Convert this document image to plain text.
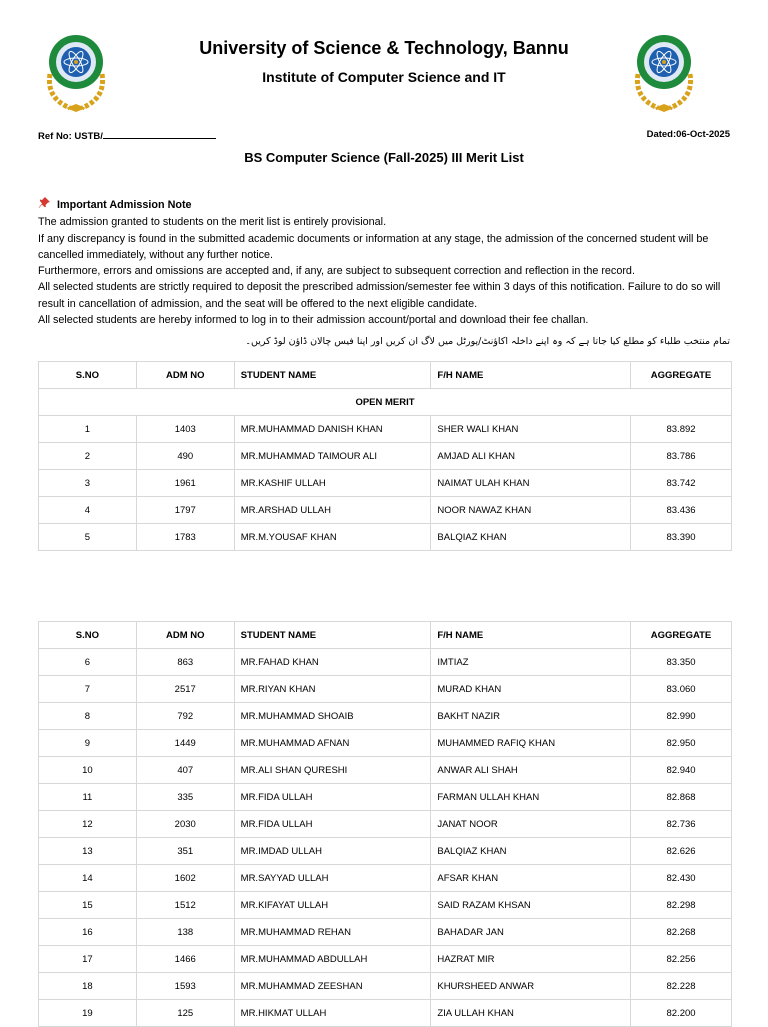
University of Science & Technology, Bannu
Institute of Computer Science and IT
Ref No: USTB/	Dated:06-Oct-2025
BS Computer Science (Fall-2025) III Merit List
Important Admission Note

The admission granted to students on the merit list is entirely provisional.

If any discrepancy is found in the submitted academic documents or information at any stage, the admission of the concerned student will be cancelled immediately, without any further notice.

Furthermore, errors and omissions are accepted and, if any, are subject to subsequent correction and reflection in the record.

All selected students are strictly required to deposit the prescribed admission/semester fee within 3 days of this notification. Failure to do so will result in cancellation of admission, and the seat will be offered to the next eligible candidate.

All selected students are hereby informed to log in to their admission account/portal and download their fee challan.

تمام منتخب طلباء کو مطلع کیا جاتا ہے کہ وہ اپنے داخلہ اکاؤنٹ/پورٹل میں لاگ ان کریں اور اپنا فیس چالان ڈاؤن لوڈ کریں۔
S.NO	ADM NO	STUDENT NAME	F/H NAME	AGGREGATE
OPEN MERIT				
1	1403	MR.MUHAMMAD DANISH KHAN	SHER WALI KHAN	83.892
2	490	MR.MUHAMMAD TAIMOUR ALI	AMJAD ALI KHAN	83.786
3	1961	MR.KASHIF ULLAH	NAIMAT ULAH KHAN	83.742
4	1797	MR.ARSHAD ULLAH	NOOR NAWAZ KHAN	83.436
5	1783	MR.M.YOUSAF KHAN	BALQIAZ KHAN	83.390
S.NO	ADM NO	STUDENT NAME	F/H NAME	AGGREGATE
6	863	MR.FAHAD KHAN	IMTIAZ	83.350
7	2517	MR.RIYAN KHAN	MURAD KHAN	83.060
8	792	MR.MUHAMMAD SHOAIB	BAKHT NAZIR	82.990
9	1449	MR.MUHAMMAD AFNAN	MUHAMMED RAFIQ KHAN	82.950
10	407	MR.ALI SHAN QURESHI	ANWAR ALI SHAH	82.940
11	335	MR.FIDA ULLAH	FARMAN ULLAH KHAN	82.868
12	2030	MR.FIDA ULLAH	JANAT NOOR	82.736
13	351	MR.IMDAD ULLAH	BALQIAZ KHAN	82.626
14	1602	MR.SAYYAD ULLAH	AFSAR KHAN	82.430
15	1512	MR.KIFAYAT ULLAH	SAID RAZAM KHSAN	82.298
16	138	MR.MUHAMMAD REHAN	BAHADAR JAN	82.268
17	1466	MR.MUHAMMAD ABDULLAH	HAZRAT MIR	82.256
18	1593	MR.MUHAMMAD ZEESHAN	KHURSHEED ANWAR	82.228
19	125	MR.HIKMAT ULLAH	ZIA ULLAH KHAN	82.200
